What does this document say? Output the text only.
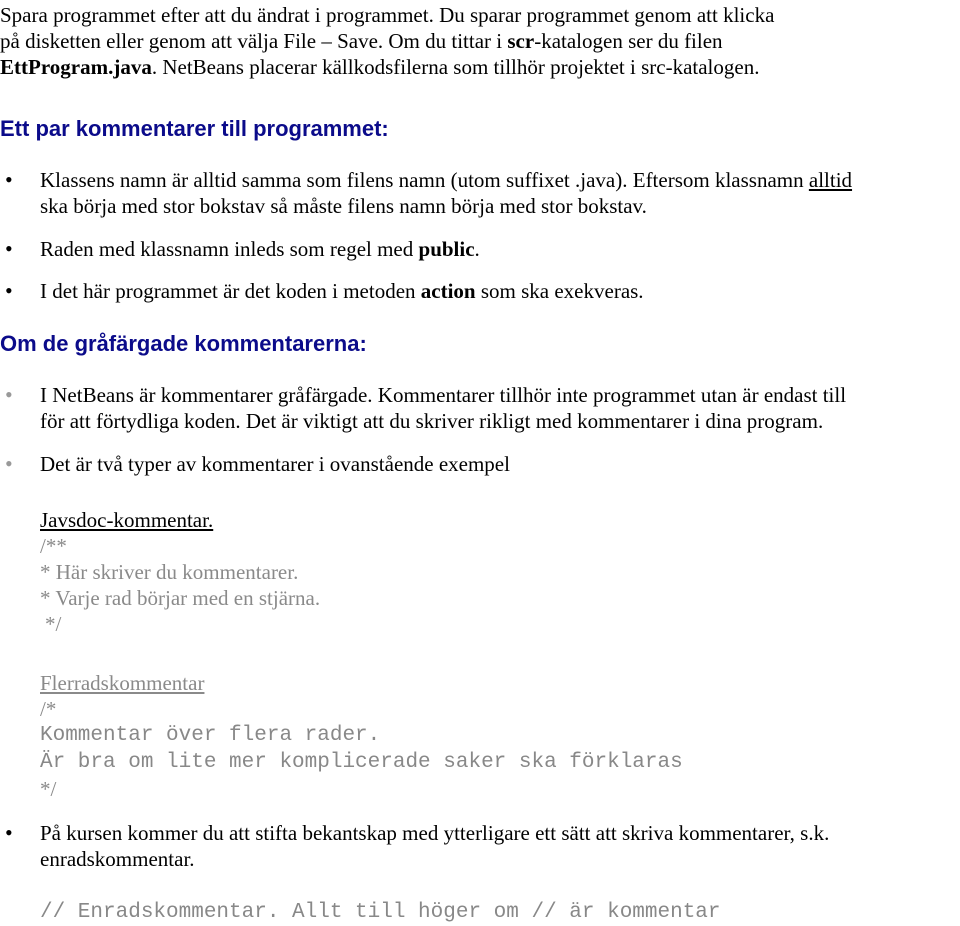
Spara programmet efter att du ändrat i programmet. Du sparar programmet genom att klicka
på disketten eller genom att välja File – Save. Om du tittar i scr-katalogen ser du filen
EttProgram.java. NetBeans placerar källkodsfilerna som tillhör projektet i src-katalogen.
Ett par kommentarer till programmet:
• Klassens namn är alltid samma som filens namn (utom suffixet .java). Eftersom klassnamn alltid
ska börja med stor bokstav så måste filens namn börja med stor bokstav.
• Raden med klassnamn inleds som regel med public.
• I det här programmet är det koden i metoden action som ska exekveras.
Om de gråfärgade kommentarerna:
• I NetBeans är kommentarer gråfärgade. Kommentarer tillhör inte programmet utan är endast till
för att förtydliga koden. Det är viktigt att du skriver rikligt med kommentarer i dina program.
• Det är två typer av kommentarer i ovanstående exempel
Javsdoc-kommentar.
/**
* Här skriver du kommentarer.
* Varje rad börjar med en stjärna.
*/
Flerradskommentar
/*
Kommentar över flera rader.
Är bra om lite mer komplicerade saker ska förklaras
*/
• På kursen kommer du att stifta bekantskap med ytterligare ett sätt att skriva kommentarer, s.k.
enradskommentar.
// Enradskommentar. Allt till höger om // är kommentar
